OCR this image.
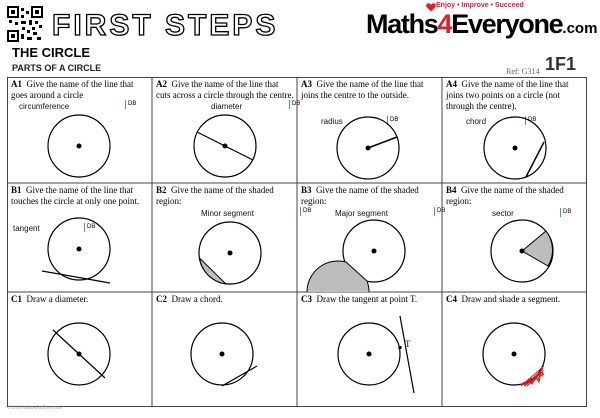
FIRST STEPS
Enjoy • Improve • Succeed
Maths4Everyone.com
THE CIRCLE
PARTS OF A CIRCLE	Ref: G314 1F1
A1 Give the name of the line that goes around a circle
circumference	DB
A2 Give the name of the line that cuts across a circle through the centre.
diameter	DB
A3 Give the name of the line that joins the centre to the outside.
radius	DB
A4 Give the name of the line that joins two points on a circle (not through the centre).
chord	DB
B1 Give the name of the line that touches the circle at only one point.
tangent	DB
B2 Give the name of the shaded region:
Minor segment	DB
B3 Give the name of the shaded region:
Major segment	DB
B4 Give the name of the shaded region:
sector	DB
C1 Draw a diameter.	C2 Draw a chord.	C3 Draw the tangent at point T.
T
C4 Draw and shade a segment.
© 2016 MathsForEveryone
